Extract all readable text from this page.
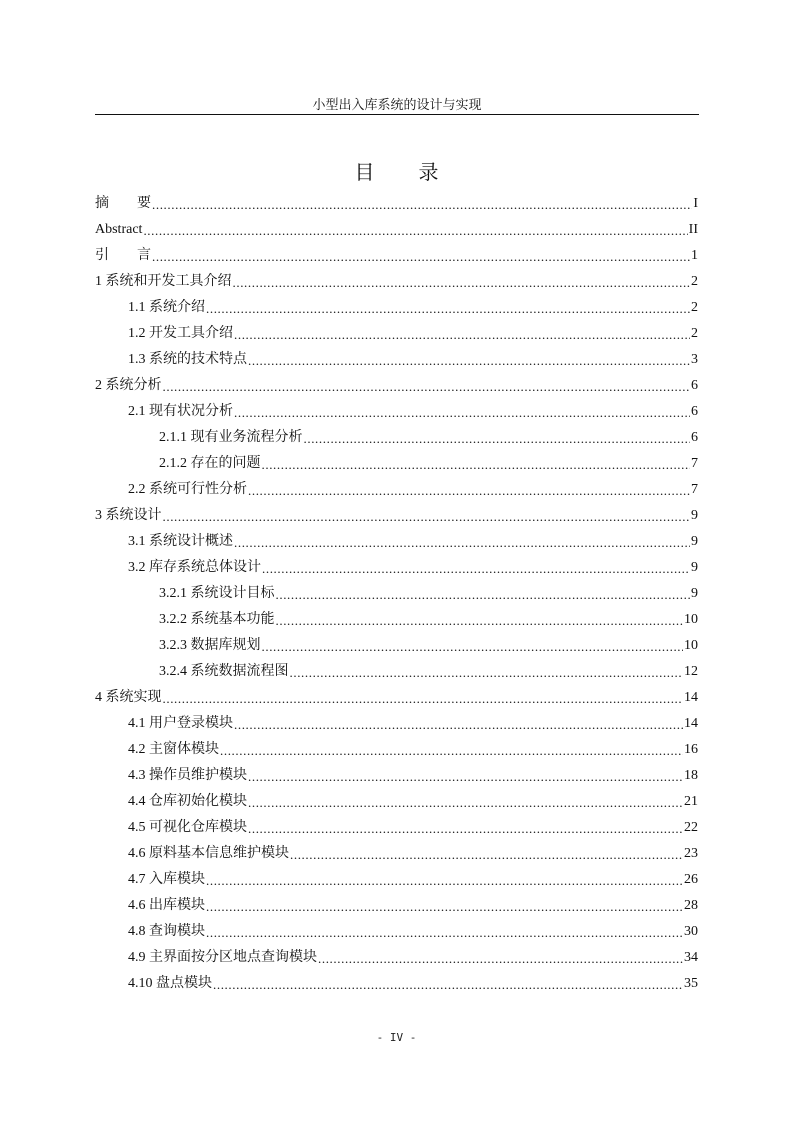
小型出入库系统的设计与实现
目 录
摘　　要 .....	I
Abstract .....	II
引　　言 .....	1
1 系统和开发工具介绍 .....	2
1.1 系统介绍 .....	2
1.2 开发工具介绍 .....	2
1.3 系统的技术特点 .....	3
2 系统分析 .....	6
2.1 现有状况分析 .....	6
2.1.1 现有业务流程分析 .....	6
2.1.2 存在的问题 .....	7
2.2 系统可行性分析 .....	7
3 系统设计 .....	9
3.1 系统设计概述 .....	9
3.2 库存系统总体设计 .....	9
3.2.1 系统设计目标 .....	9
3.2.2 系统基本功能 .....	10
3.2.3 数据库规划 .....	10
3.2.4 系统数据流程图 .....	12
4 系统实现 .....	14
4.1 用户登录模块 .....	14
4.2 主窗体模块 .....	16
4.3 操作员维护模块 .....	18
4.4 仓库初始化模块 .....	21
4.5 可视化仓库模块 .....	22
4.6 原料基本信息维护模块 .....	23
4.7 入库模块 .....	26
4.6 出库模块 .....	28
4.8 查询模块 .....	30
4.9 主界面按分区地点查询模块 .....	34
4.10 盘点模块 .....	35
- IV -
